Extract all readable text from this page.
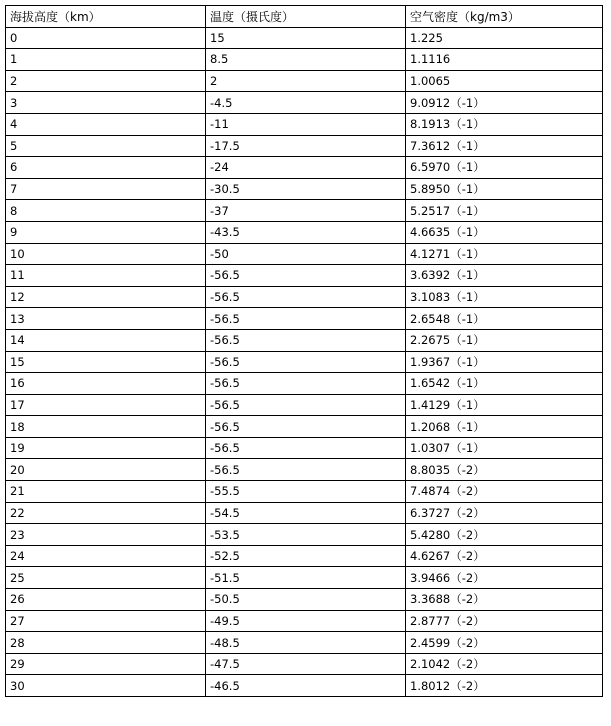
海拔高度（km）	温度（摄氏度）	空气密度（kg/m3）
0	15	1.225
1	8.5	1.1116
2	2	1.0065
3	-4.5	9.0912（-1）
4	-11	8.1913（-1）
5	-17.5	7.3612（-1）
6	-24	6.5970（-1）
7	-30.5	5.8950（-1）
8	-37	5.2517（-1）
9	-43.5	4.6635（-1）
10	-50	4.1271（-1）
11	-56.5	3.6392（-1）
12	-56.5	3.1083（-1）
13	-56.5	2.6548（-1）
14	-56.5	2.2675（-1）
15	-56.5	1.9367（-1）
16	-56.5	1.6542（-1）
17	-56.5	1.4129（-1）
18	-56.5	1.2068（-1）
19	-56.5	1.0307（-1）
20	-56.5	8.8035（-2）
21	-55.5	7.4874（-2）
22	-54.5	6.3727（-2）
23	-53.5	5.4280（-2）
24	-52.5	4.6267（-2）
25	-51.5	3.9466（-2）
26	-50.5	3.3688（-2）
27	-49.5	2.8777（-2）
28	-48.5	2.4599（-2）
29	-47.5	2.1042（-2）
30	-46.5	1.8012（-2）
